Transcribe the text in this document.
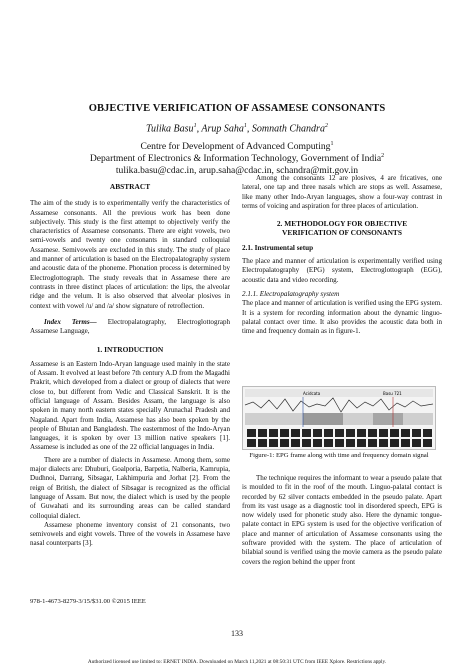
OBJECTIVE VERIFICATION OF ASSAMESE CONSONANTS
Tulika Basu$^1$, Arup Saha$^1$, Somnath Chandra$^2$
Centre for Development of Advanced Computing$^1$
Department of Electronics & Information Technology, Government of India$^2$
tulika.basu@cdac.in, arup.saha@cdac.in, schandra@mit.gov.in
ABSTRACT

The aim of the study is to experimentally verify the characteristics of Assamese consonants. All the previous work has been done subjectively. This study is the first attempt to objectively verify the characteristics of Assamese consonants. There are eight vowels, two semi-vowels and twenty one consonants in standard colloquial Assamese. Semivowels are excluded in this study. The study of place and manner of articulation is based on the Electropalatography system and acoustic data of the phoneme. Phonation process is determined by Electroglottograph. The study reveals that in Assamese there are contrasts in three distinct places of articulation: the lips, the alveolar ridge and the velum. It is also observed that alveolar plosives in context with vowel /u/ and /a/ show signature of retroflection.

Index Terms— Electropalatography, Electroglottograph Assamese Language,

1. INTRODUCTION

Assamese is an Eastern Indo-Aryan language used mainly in the state of Assam. It evolved at least before 7th century A.D from the Magadhi Prakrit, which developed from a dialect or group of dialects that were close to, but different from Vedic and Classical Sanskrit. It is the official language of Assam. Besides Assam, the language is also spoken in many north eastern states specially Arunachal Pradesh and Nagaland. Apart from India, Assamese has also been spoken by the people of Bhutan and Bangladesh. The easternmost of the Indo-Aryan languages, it is spoken by over 13 million native speakers [1]. Assamese is included as one of the 22 official languages in India.

There are a number of dialects in Assamese. Among them, some major dialects are: Dhuburi, Goalporia, Barpetia, Nalberia, Kamrupia, Dudhnoi, Darrang, Sibsagar, Lakhimpuria and Jorhat [2]. From the reign of British, the dialect of Sibsagar is recognized as the official language of Assam. But now, the dialect which is used by the people of Guwahati and its surrounding areas can be called standard colloquial dialect.

Assamese phoneme inventory consist of 21 consonants, two semivowels and eight vowels. Three of the vowels in Assamese have nasal counterparts [3].

978-1-4673-8279-3/15/$31.00 ©2015 IEEE

Among the consonants 12 are plosives, 4 are fricatives, one lateral, one tap and three nasals which are stops as well. Assamese, like many other Indo-Aryan languages, show a four-way contrast in terms of voicing and aspiration for three places of articulation.

2. METHODOLOGY FOR OBJECTIVE
VERIFICATION OF CONSONANTS
2.1. Instrumental setup

The place and manner of articulation is experimentally verified using Electropalatography (EPG) system, Electroglottograph (EGG), acoustic data and video recording.

2.1.1. Electropalatography system

The place and manner of articulation is verified using the EPG system. It is a system for recording information about the dynamic linguo-palatal contact over time. It also provides the acoustic data both in time and frequency domain as in figure-1.

Acidcata	Basu 721
Figure-1: EPG frame along with time and frequency domain signal

The technique requires the informant to wear a pseudo palate that is moulded to fit in the roof of the mouth. Linguo-palatal contact is recorded by 62 silver contacts embedded in the pseudo palate. Apart from its vast usage as a diagnostic tool in disordered speech, EPG is now widely used for phonetic study also. Here the dynamic tongue-palate contact in EPG system is used for the objective verification of place and manner of articulation of Assamese consonants using the software provided with the system. The place of articulation of bilabial sound is verified using the movie camera as the pseudo palate covers the region behind the upper front

133
Authorized licensed use limited to: ERNET INDIA. Downloaded on March 11,2021 at 08:50:31 UTC from IEEE Xplore. Restrictions apply.
